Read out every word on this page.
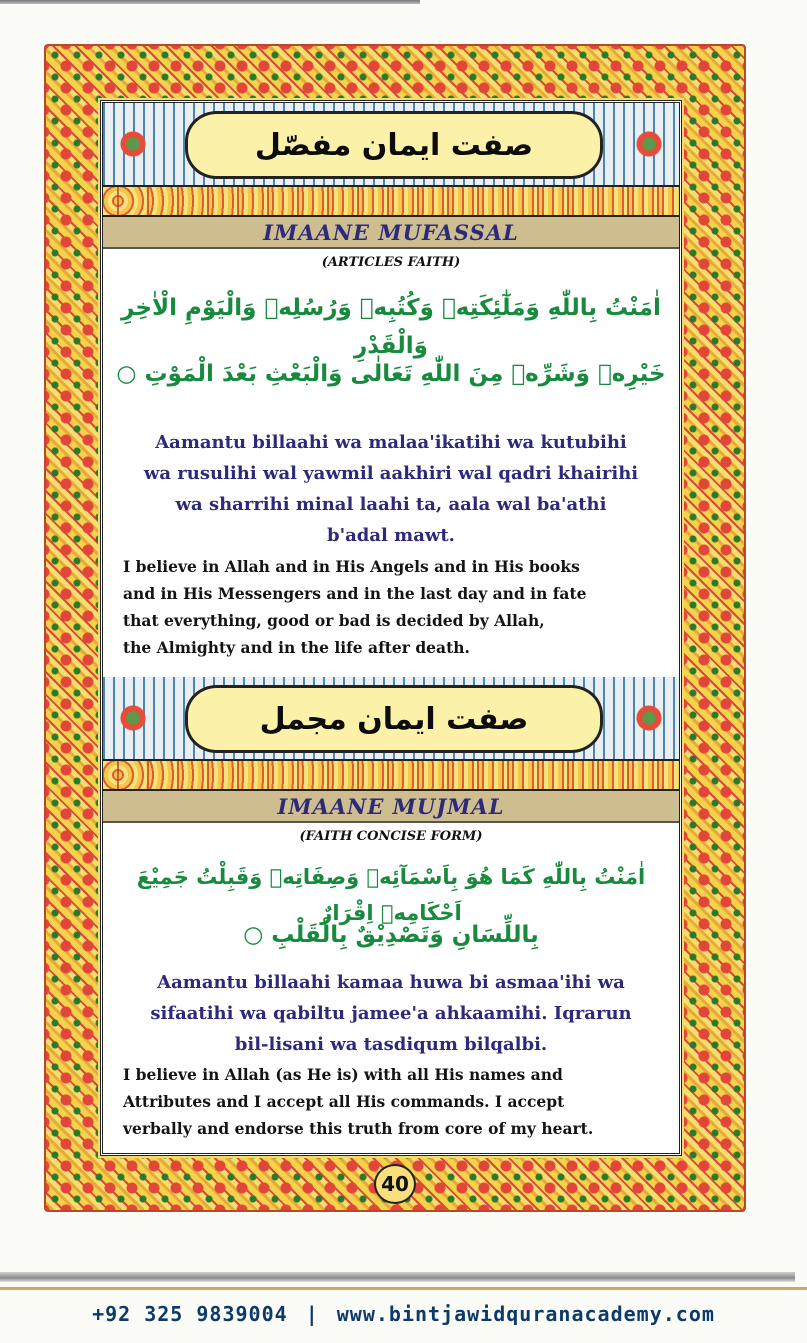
صفت ایمان مفصّل
IMAANE MUFASSAL
(ARTICLES FAITH)
اٰمَنْتُ بِاللّٰهِ وَمَلٰٓئِكَتِهٖ وَكُتُبِهٖ وَرُسُلِهٖ وَالْيَوْمِ الْاٰخِرِ وَالْقَدْرِ
خَيْرِهٖ وَشَرِّهٖ مِنَ اللّٰهِ تَعَالٰى وَالْبَعْثِ بَعْدَ الْمَوْتِ ○
Aamantu billaahi wa malaa'ikatihi wa kutubihi
wa rusulihi wal yawmil aakhiri wal qadri khairihi
wa sharrihi minal laahi ta, aala wal ba'athi
b'adal mawt.
I believe in Allah and in His Angels and in His books
and in His Messengers and in the last day and in fate
that everything, good or bad is decided by Allah,
the Almighty and in the life after death.
صفت ایمان مجمل
IMAANE MUJMAL
(FAITH CONCISE FORM)
اٰمَنْتُ بِاللّٰهِ كَمَا هُوَ بِاَسْمَآئِهٖ وَصِفَاتِهٖ وَقَبِلْتُ جَمِيْعَ اَحْكَامِهٖ اِقْرَارٌ
بِاللِّسَانِ وَتَصْدِيْقٌ بِالْقَلْبِ ○
Aamantu billaahi kamaa huwa bi asmaa'ihi wa
sifaatihi wa qabiltu jamee'a ahkaamihi. Iqrarun
bil-lisani wa tasdiqum bilqalbi.
I believe in Allah (as He is) with all His names and
Attributes and I accept all His commands. I accept
verbally and endorse this truth from core of my heart.
40
+92 325 9839004 | www.bintjawidquranacademy.com
